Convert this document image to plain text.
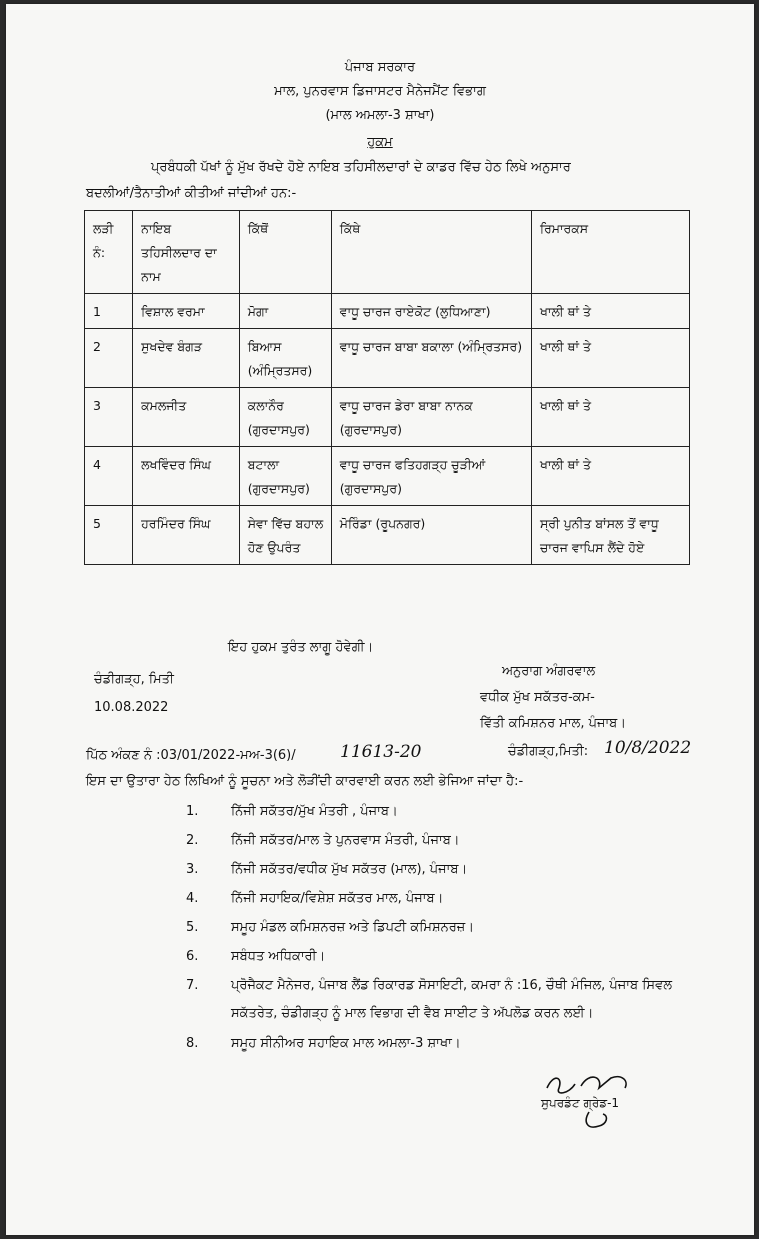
ਪੰਜਾਬ ਸਰਕਾਰ
ਮਾਲ, ਪੁਨਰਵਾਸ ਡਿਜਾਸਟਰ ਮੈਨੇਜਮੈਂਟ ਵਿਭਾਗ
(ਮਾਲ ਅਮਲਾ-3 ਸ਼ਾਖਾ)
ਹੁਕਮ
ਪ੍ਰਬੰਧਕੀ ਪੱਖਾਂ ਨੂੰ ਮੁੱਖ ਰੱਖਦੇ ਹੋਏ ਨਾਇਬ ਤਹਿਸੀਲਦਾਰਾਂ ਦੇ ਕਾਡਰ ਵਿੱਚ ਹੇਠ ਲਿਖੇ ਅਨੁਸਾਰ
ਬਦਲੀਆਂ/ਤੈਨਾਤੀਆਂ ਕੀਤੀਆਂ ਜਾਂਦੀਆਂ ਹਨ:-
ਲੜੀ ਨੰ:	ਨਾਇਬ ਤਹਿਸੀਲਦਾਰ ਦਾ ਨਾਮ	ਕਿੱਥੋਂ	ਕਿੱਥੇ	ਰਿਮਾਰਕਸ
1	ਵਿਸ਼ਾਲ ਵਰਮਾ	ਮੋਗਾ	ਵਾਧੂ ਚਾਰਜ ਰਾਏਕੋਟ (ਲੁਧਿਆਣਾ)	ਖਾਲੀ ਥਾਂ ਤੇ
2	ਸੁਖਦੇਵ ਬੰਗੜ	ਬਿਆਸ (ਅੰਮ੍ਰਿਤਸਰ)	ਵਾਧੂ ਚਾਰਜ ਬਾਬਾ ਬਕਾਲਾ (ਅੰਮ੍ਰਿਤਸਰ)	ਖਾਲੀ ਥਾਂ ਤੇ
3	ਕਮਲਜੀਤ	ਕਲਾਨੌਰ (ਗੁਰਦਾਸਪੁਰ)	ਵਾਧੂ ਚਾਰਜ ਡੇਰਾ ਬਾਬਾ ਨਾਨਕ (ਗੁਰਦਾਸਪੁਰ)	ਖਾਲੀ ਥਾਂ ਤੇ
4	ਲਖਵਿੰਦਰ ਸਿੰਘ	ਬਟਾਲਾ (ਗੁਰਦਾਸਪੁਰ)	ਵਾਧੂ ਚਾਰਜ ਫਤਿਹਗੜ੍ਹ ਚੂੜੀਆਂ (ਗੁਰਦਾਸਪੁਰ)	ਖਾਲੀ ਥਾਂ ਤੇ
5	ਹਰਮਿੰਦਰ ਸਿੰਘ	ਸੇਵਾ ਵਿੱਚ ਬਹਾਲ ਹੋਣ ਉਪਰੰਤ	ਮੋਰਿੰਡਾ (ਰੂਪਨਗਰ)	ਸ੍ਰੀ ਪੁਨੀਤ ਬਾਂਸਲ ਤੋਂ ਵਾਧੂ ਚਾਰਜ ਵਾਪਿਸ ਲੈਂਦੇ ਹੋਏ
ਇਹ ਹੁਕਮ ਤੁਰੰਤ ਲਾਗੂ ਹੋਵੇਗੀ।
ਚੰਡੀਗੜ੍ਹ, ਮਿਤੀ
10.08.2022
ਅਨੁਰਾਗ ਅੰਗਰਵਾਲ
ਵਧੀਕ ਮੁੱਖ ਸਕੱਤਰ-ਕਮ-
ਵਿੱਤੀ ਕਮਿਸ਼ਨਰ ਮਾਲ, ਪੰਜਾਬ।
ਪਿੱਠ ਅੰਕਣ ਨੰ :03/01/2022-ਮਅ-3(6)/	11613-20	ਚੰਡੀਗੜ੍ਹ,ਮਿਤੀ: 10/8/2022
ਇਸ ਦਾ ਉਤਾਰਾ ਹੇਠ ਲਿਖਿਆਂ ਨੂੰ ਸੂਚਨਾ ਅਤੇ ਲੋੜੀਂਦੀ ਕਾਰਵਾਈ ਕਰਨ ਲਈ ਭੇਜਿਆ ਜਾਂਦਾ ਹੈ:-
1.	ਨਿੱਜੀ ਸਕੱਤਰ/ਮੁੱਖ ਮੰਤਰੀ , ਪੰਜਾਬ।
2.	ਨਿੱਜੀ ਸਕੱਤਰ/ਮਾਲ ਤੇ ਪੁਨਰਵਾਸ ਮੰਤਰੀ, ਪੰਜਾਬ।
3.	ਨਿੱਜੀ ਸਕੱਤਰ/ਵਧੀਕ ਮੁੱਖ ਸਕੱਤਰ (ਮਾਲ), ਪੰਜਾਬ।
4.	ਨਿੱਜੀ ਸਹਾਇਕ/ਵਿਸ਼ੇਸ਼ ਸਕੱਤਰ ਮਾਲ, ਪੰਜਾਬ।
5.	ਸਮੂਹ ਮੰਡਲ ਕਮਿਸ਼ਨਰਜ਼ ਅਤੇ ਡਿਪਟੀ ਕਮਿਸ਼ਨਰਜ਼।
6.	ਸਬੰਧਤ ਅਧਿਕਾਰੀ।
7.	ਪ੍ਰੋਜੈਕਟ ਮੈਨੇਜਰ, ਪੰਜਾਬ ਲੈਂਡ ਰਿਕਾਰਡ ਸੋਸਾਇਟੀ, ਕਮਰਾ ਨੰ :16, ਚੌਥੀ ਮੰਜਿਲ, ਪੰਜਾਬ ਸਿਵਲ
ਸਕੱਤਰੇਤ, ਚੰਡੀਗੜ੍ਹ ਨੂੰ ਮਾਲ ਵਿਭਾਗ ਦੀ ਵੈਬ ਸਾਈਟ ਤੇ ਅੱਪਲੋਡ ਕਰਨ ਲਈ।
8.	ਸਮੂਹ ਸੀਨੀਅਰ ਸਹਾਇਕ ਮਾਲ ਅਮਲਾ-3 ਸ਼ਾਖਾ।
ਸੁਪਰਡੰਟ ਗ੍ਰੇਡ-1
